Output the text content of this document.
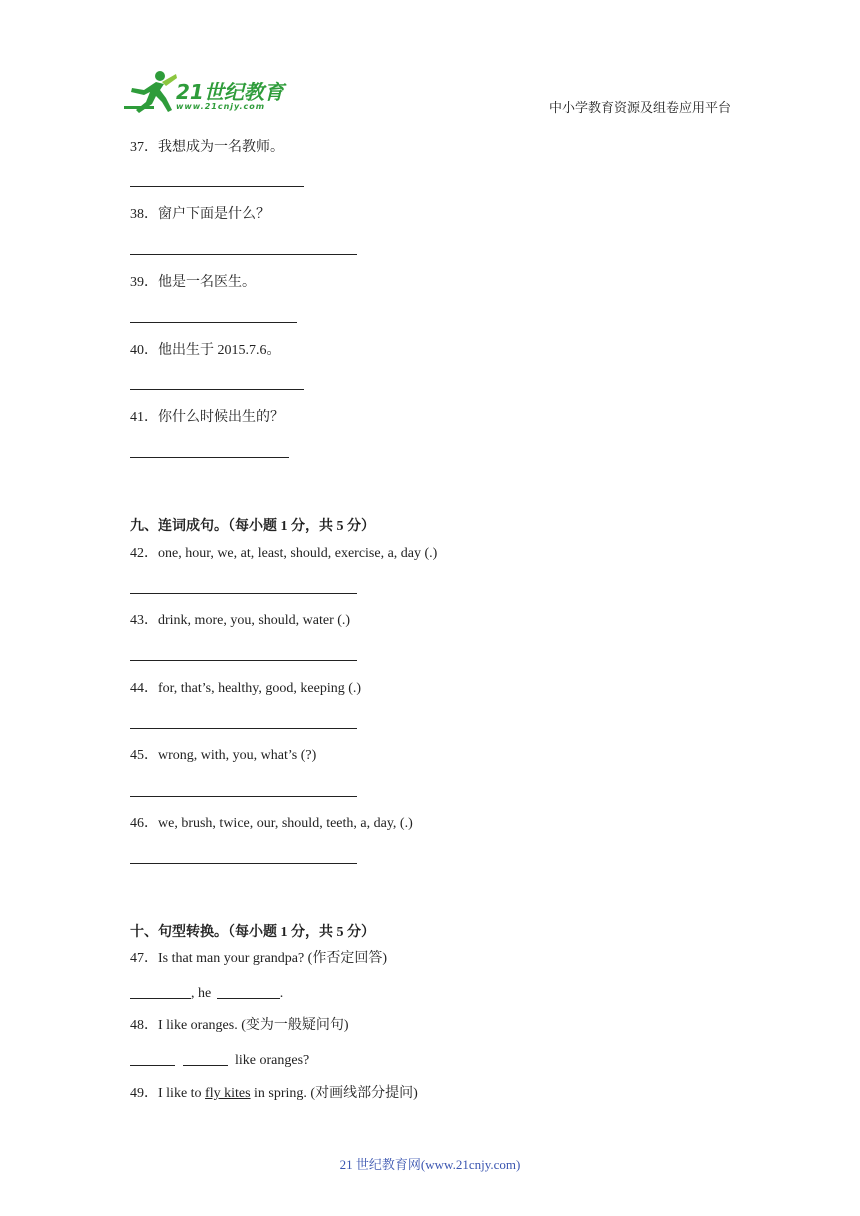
21世纪教育
www.21cnjy.com	中小学教育资源及组卷应用平台
37．我想成为一名教师。
38．窗户下面是什么？
39．他是一名医生。
40．他出生于 2015.7.6。
41．你什么时候出生的？
九、连词成句。（每小题 1 分，共 5 分）
42．one, hour, we, at, least, should, exercise, a, day (.)
43．drink, more, you, should, water (.)
44．for, that’s, healthy, good, keeping (.)
45．wrong, with, you, what’s (?)
46．we, brush, twice, our, should, teeth, a, day, (.)
十、句型转换。（每小题 1 分，共 5 分）
47．Is that man your grandpa? (作否定回答)
, he	.
48．I like oranges. (变为一般疑问句)
like oranges?
49．I like to fly kites in spring. (对画线部分提问)
21 世纪教育网(www.21cnjy.com)
